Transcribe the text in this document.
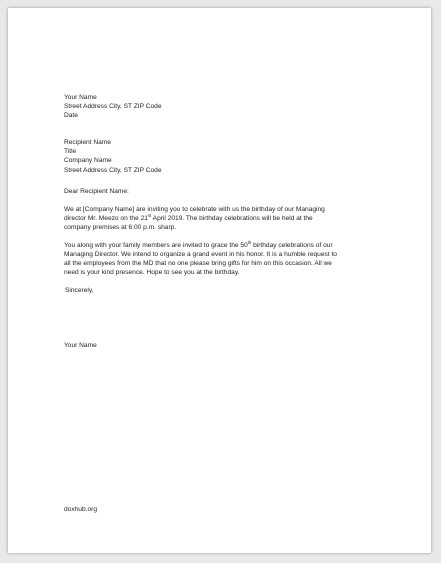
Your Name
Street Address City, ST ZIP Code
Date
Recipient Name
Title
Company Name
Street Address City, ST ZIP Code
Dear Recipient Name:

We at [Company Name] are inviting you to celebrate with us the birthday of our Managing
director Mr. Meezo on the 21st April 2019. The birthday celebrations will be held at the
company premises at 6:00 p.m. sharp.

You along with your family members are invited to grace the 50th birthday celebrations of our
Managing Director. We intend to organize a grand event in his honor. It is a humble request to
all the employees from the MD that no one please bring gifts for him on this occasion. All we
need is your kind presence. Hope to see you at the birthday.

Sincerely,
Your Name
doxhub.org
